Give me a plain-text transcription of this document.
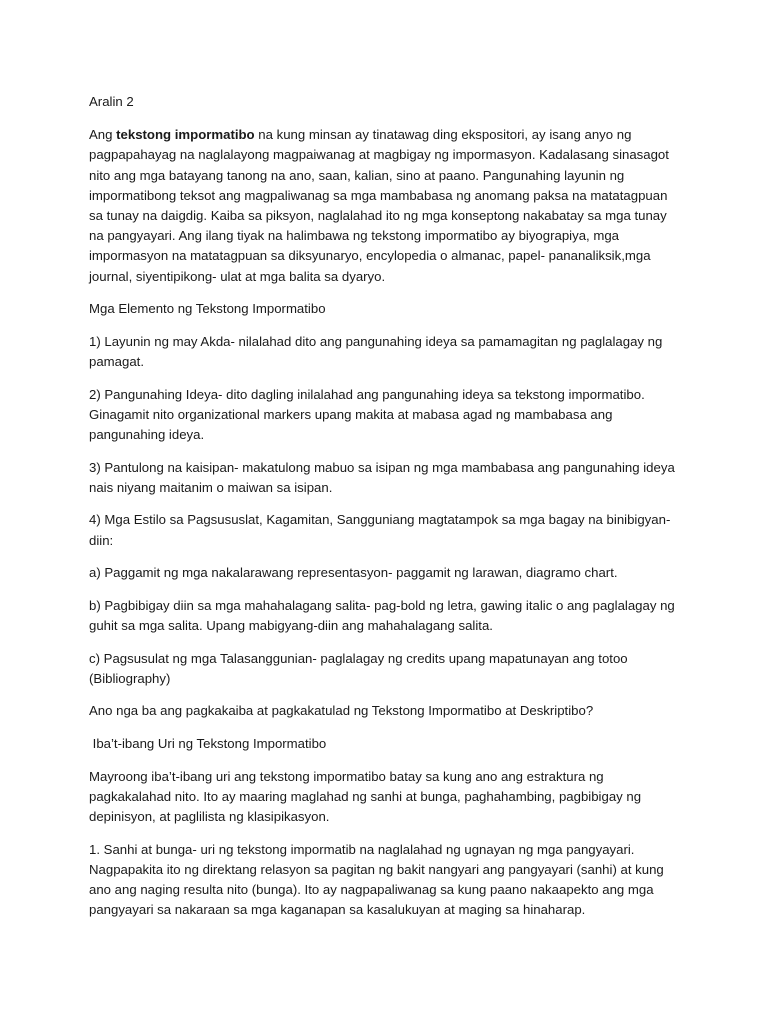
Aralin 2

Ang tekstong impormatibo na kung minsan ay tinatawag ding ekspositori, ay isang anyo ng pagpapahayag na naglalayong magpaiwanag at magbigay ng impormasyon. Kadalasang sinasagot nito ang mga batayang tanong na ano, saan, kalian, sino at paano. Pangunahing layunin ng impormatibong teksot ang magpaliwanag sa mga mambabasa ng anomang paksa na matatagpuan sa tunay na daigdig. Kaiba sa piksyon, naglalahad ito ng mga konseptong nakabatay sa mga tunay na pangyayari. Ang ilang tiyak na halimbawa ng tekstong impormatibo ay biyograpiya, mga impormasyon na matatagpuan sa diksyunaryo, encylopedia o almanac, papel- pananaliksik,mga journal, siyentipikong- ulat at mga balita sa dyaryo.

Mga Elemento ng Tekstong Impormatibo

1) Layunin ng may Akda- nilalahad dito ang pangunahing ideya sa pamamagitan ng paglalagay ng pamagat.

2) Pangunahing Ideya- dito dagling inilalahad ang pangunahing ideya sa tekstong impormatibo. Ginagamit nito organizational markers upang makita at mabasa agad ng mambabasa ang pangunahing ideya.

3) Pantulong na kaisipan- makatulong mabuo sa isipan ng mga mambabasa ang pangunahing ideya nais niyang maitanim o maiwan sa isipan.

4) Mga Estilo sa Pagsususlat, Kagamitan, Sangguniang magtatampok sa mga bagay na binibigyan-diin:

a) Paggamit ng mga nakalarawang representasyon- paggamit ng larawan, diagramo chart.

b) Pagbibigay diin sa mga mahahalagang salita- pag-bold ng letra, gawing italic o ang paglalagay ng guhit sa mga salita. Upang mabigyang-diin ang mahahalagang salita.

c) Pagsusulat ng mga Talasanggunian- paglalagay ng credits upang mapatunayan ang totoo (Bibliography)

Ano nga ba ang pagkakaiba at pagkakatulad ng Tekstong Impormatibo at Deskriptibo?

Iba’t-ibang Uri ng Tekstong Impormatibo

Mayroong iba’t-ibang uri ang tekstong impormatibo batay sa kung ano ang estraktura ng pagkakalahad nito. Ito ay maaring maglahad ng sanhi at bunga, paghahambing, pagbibigay ng depinisyon, at paglilista ng klasipikasyon.

1. Sanhi at bunga- uri ng tekstong impormatib na naglalahad ng ugnayan ng mga pangyayari. Nagpapakita ito ng direktang relasyon sa pagitan ng bakit nangyari ang pangyayari (sanhi) at kung ano ang naging resulta nito (bunga). Ito ay nagpapaliwanag sa kung paano nakaapekto ang mga pangyayari sa nakaraan sa mga kaganapan sa kasalukuyan at maging sa hinaharap.
